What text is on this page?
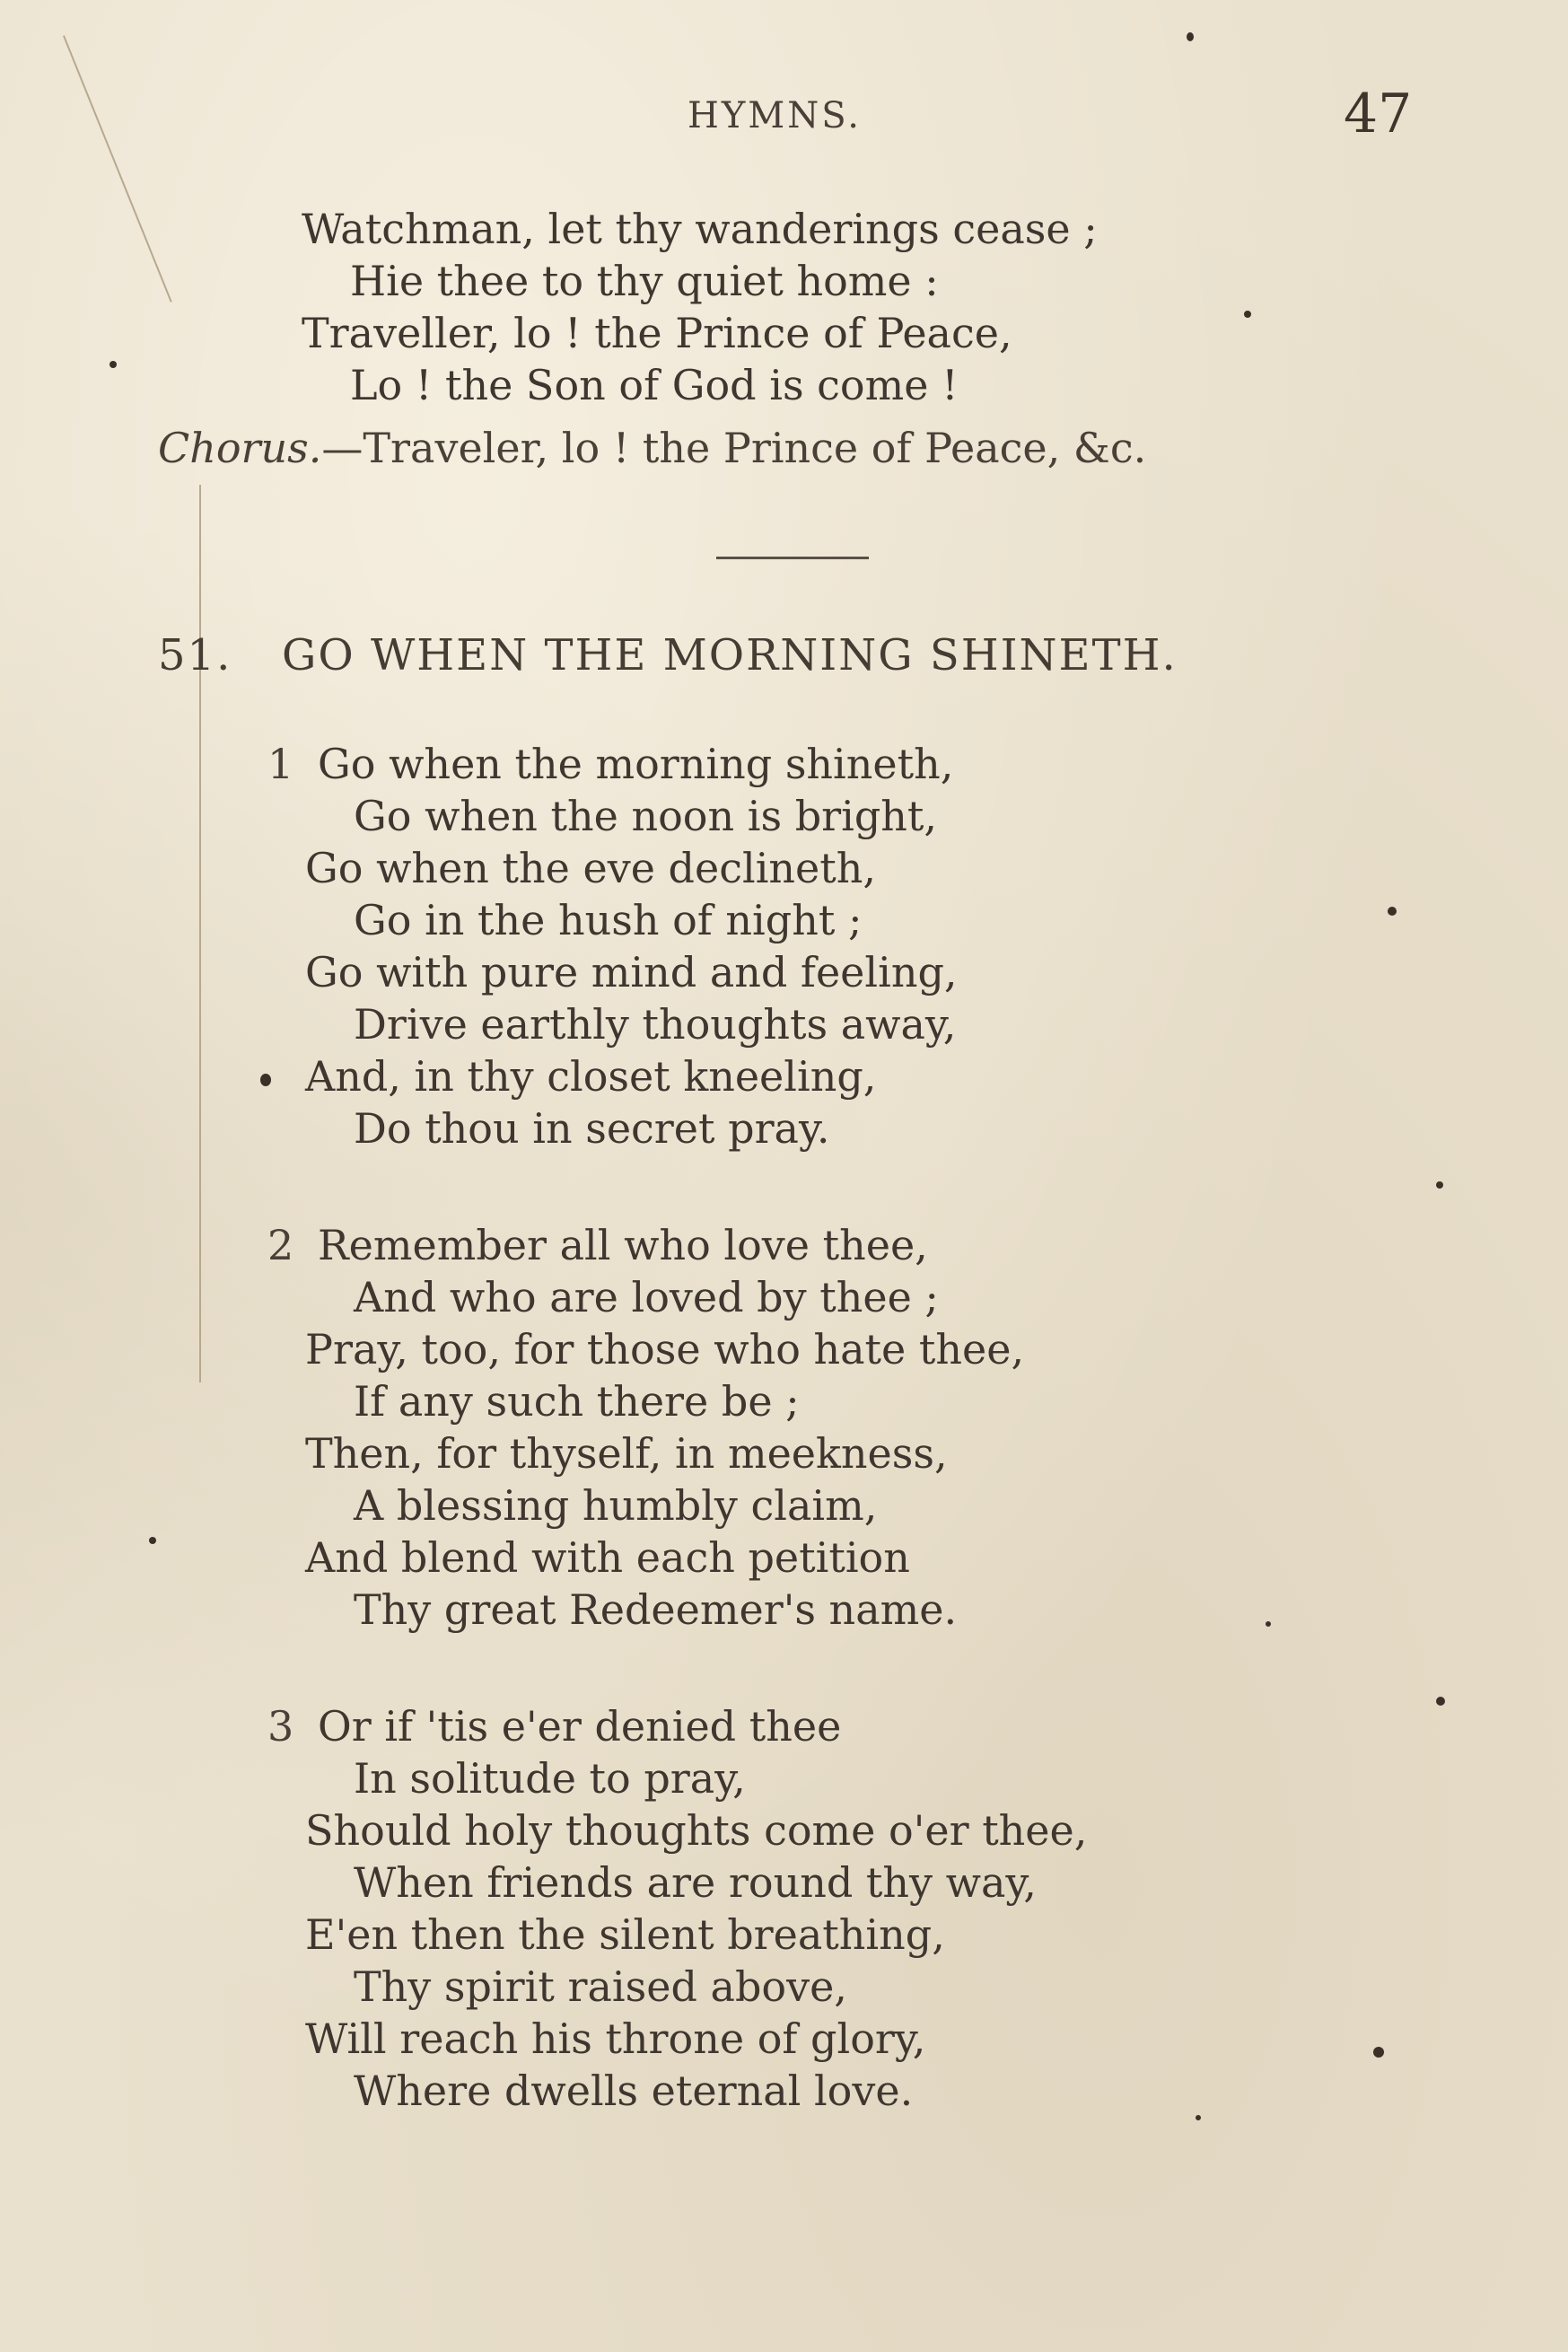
HYMNS.	47
Watchman, let thy wanderings cease ;
Hie thee to thy quiet home :
Traveller, lo ! the Prince of Peace,
Lo ! the Son of God is come !
Chorus.—Traveler, lo ! the Prince of Peace, &c.
51. GO WHEN THE MORNING SHINETH.
1 Go when the morning shineth,
Go when the noon is bright,
Go when the eve declineth,
Go in the hush of night ;
Go with pure mind and feeling,
Drive earthly thoughts away,
And, in thy closet kneeling,
Do thou in secret pray.
2 Remember all who love thee,
And who are loved by thee ;
Pray, too, for those who hate thee,
If any such there be ;
Then, for thyself, in meekness,
A blessing humbly claim,
And blend with each petition
Thy great Redeemer's name.
3 Or if 'tis e'er denied thee
In solitude to pray,
Should holy thoughts come o'er thee,
When friends are round thy way,
E'en then the silent breathing,
Thy spirit raised above,
Will reach his throne of glory,
Where dwells eternal love.
